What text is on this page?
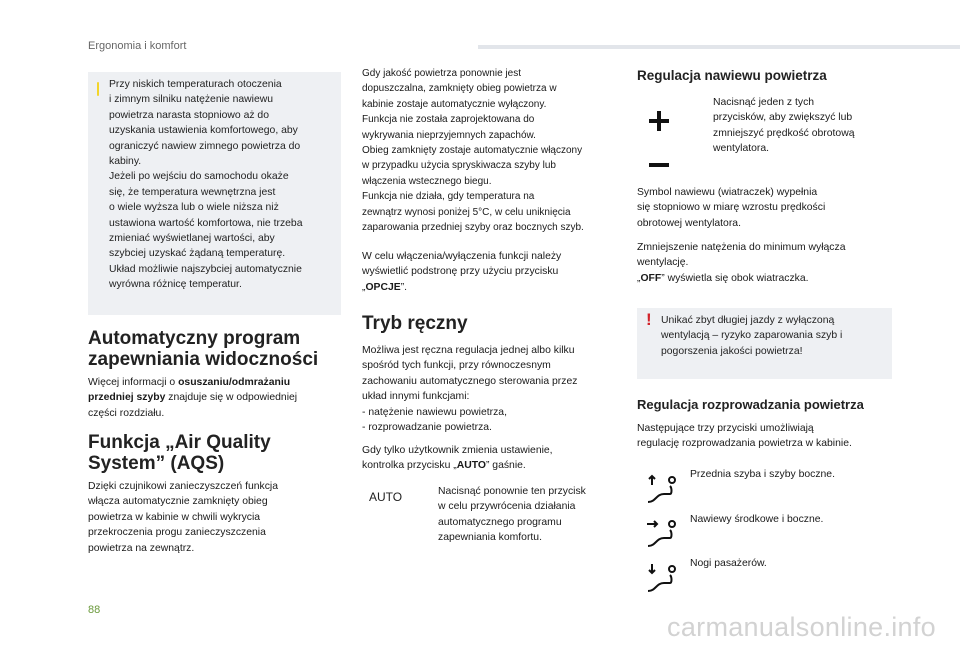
Ergonomia i komfort
Przy niskich temperaturach otoczenia
i zimnym silniku natężenie nawiewu
powietrza narasta stopniowo aż do
uzyskania ustawienia komfortowego, aby
ograniczyć nawiew zimnego powietrza do
kabiny.
Jeżeli po wejściu do samochodu okaże
się, że temperatura wewnętrzna jest
o wiele wyższa lub o wiele niższa niż
ustawiona wartość komfortowa, nie trzeba
zmieniać wyświetlanej wartości, aby
szybciej uzyskać żądaną temperaturę.
Układ możliwie najszybciej automatycznie
wyrówna różnicę temperatur.
Automatyczny program
zapewniania widoczności
Więcej informacji o osuszaniu/odmrażaniu
przedniej szyby znajduje się w odpowiedniej
części rozdziału.
Funkcja „Air Quality
System” (AQS)
Dzięki czujnikowi zanieczyszczeń funkcja
włącza automatycznie zamknięty obieg
powietrza w kabinie w chwili wykrycia
przekroczenia progu zanieczyszczenia
powietrza na zewnątrz.
Gdy jakość powietrza ponownie jest
dopuszczalna, zamknięty obieg powietrza w
kabinie zostaje automatycznie wyłączony.
Funkcja nie została zaprojektowana do
wykrywania nieprzyjemnych zapachów.
Obieg zamknięty zostaje automatycznie włączony
w przypadku użycia spryskiwacza szyby lub
włączenia wstecznego biegu.
Funkcja nie działa, gdy temperatura na
zewnątrz wynosi poniżej 5°C, w celu uniknięcia
zaparowania przedniej szyby oraz bocznych szyb.
W celu włączenia/wyłączenia funkcji należy
wyświetlić podstronę przy użyciu przycisku
„OPCJE”.
Tryb ręczny
Możliwa jest ręczna regulacja jednej albo kilku
spośród tych funkcji, przy równoczesnym
zachowaniu automatycznego sterowania przez
układ innymi funkcjami:
- natężenie nawiewu powietrza,
- rozprowadzanie powietrza.
Gdy tylko użytkownik zmienia ustawienie,
kontrolka przycisku „AUTO” gaśnie.
AUTO	Nacisnąć ponownie ten przycisk
w celu przywrócenia działania
automatycznego programu
zapewniania komfortu.
Regulacja nawiewu powietrza
Nacisnąć jeden z tych
przycisków, aby zwiększyć lub
zmniejszyć prędkość obrotową
wentylatora.
Symbol nawiewu (wiatraczek) wypełnia
się stopniowo w miarę wzrostu prędkości
obrotowej wentylatora.
Zmniejszenie natężenia do minimum wyłącza
wentylację.
„OFF” wyświetla się obok wiatraczka.
! Unikać zbyt długiej jazdy z wyłączoną
wentylacją – ryzyko zaparowania szyb i
pogorszenia jakości powietrza!
Regulacja rozprowadzania powietrza
Następujące trzy przyciski umożliwiają
regulację rozprowadzania powietrza w kabinie.
Przednia szyba i szyby boczne.
Nawiewy środkowe i boczne.
Nogi pasażerów.
88
carmanualsonline.info
